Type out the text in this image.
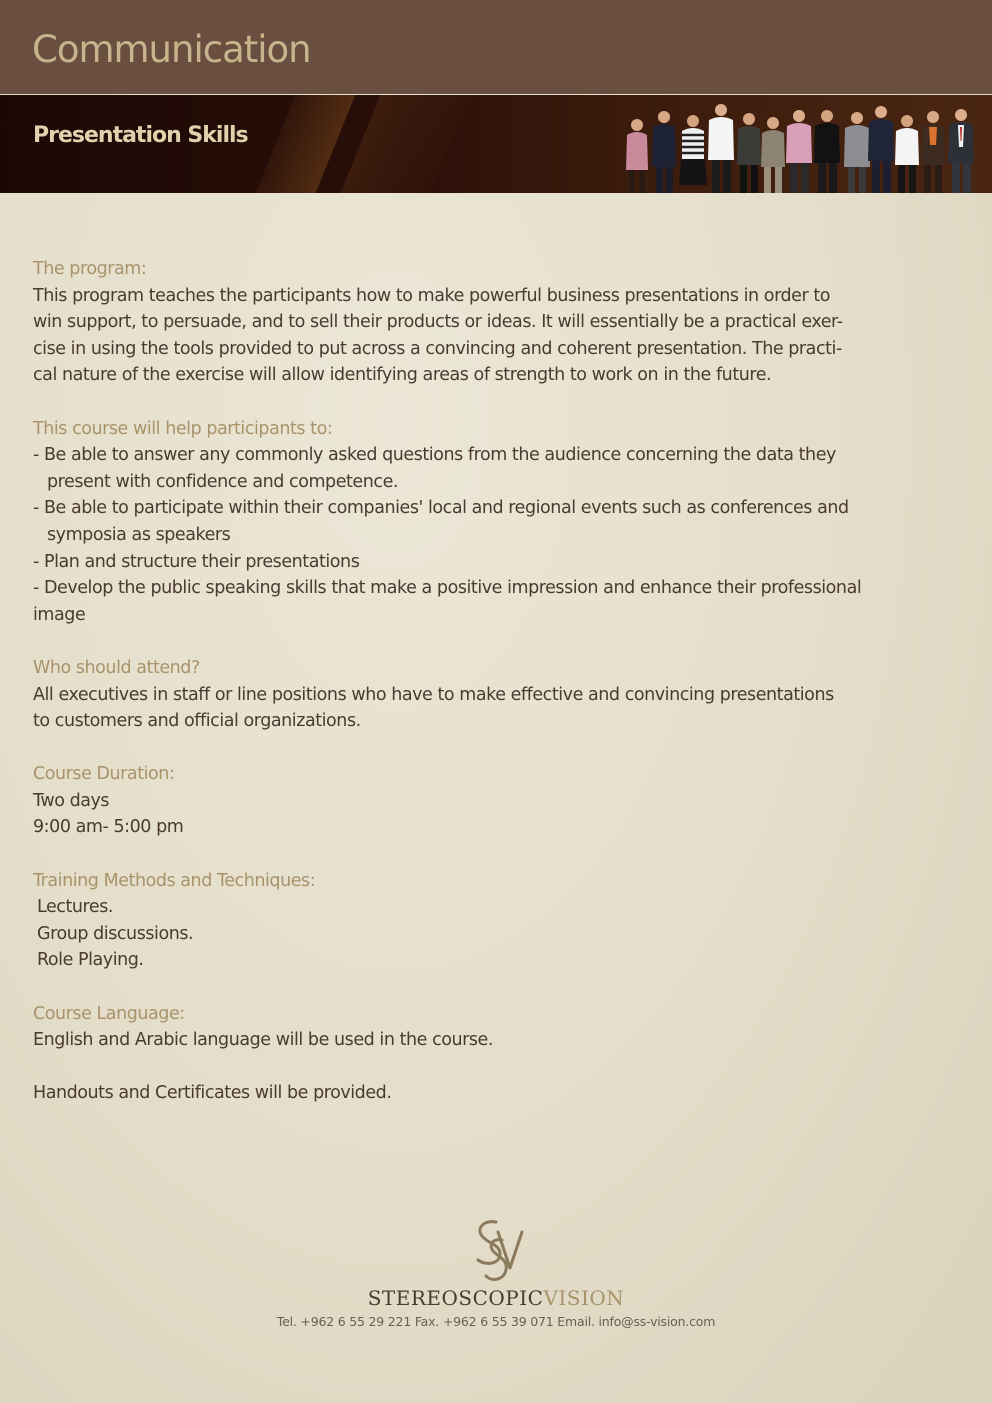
Communication
Presentation Skills
The program:
This program teaches the participants how to make powerful business presentations in order to
win support, to persuade, and to sell their products or ideas. It will essentially be a practical exer-
cise in using the tools provided to put across a convincing and coherent presentation. The practi-
cal nature of the exercise will allow identifying areas of strength to work on in the future.
This course will help participants to:
- Be able to answer any commonly asked questions from the audience concerning the data they
present with confidence and competence.
- Be able to participate within their companies' local and regional events such as conferences and
symposia as speakers
- Plan and structure their presentations
- Develop the public speaking skills that make a positive impression and enhance their professional
image
Who should attend?
All executives in staff or line positions who have to make effective and convincing presentations
to customers and official organizations.
Course Duration:
Two days
9:00 am- 5:00 pm
Training Methods and Techniques:
Lectures.
Group discussions.
Role Playing.
Course Language:
English and Arabic language will be used in the course.
Handouts and Certificates will be provided.
STEREOSCOPICVISION
Tel. +962 6 55 29 221 Fax. +962 6 55 39 071 Email. info@ss-vision.com
